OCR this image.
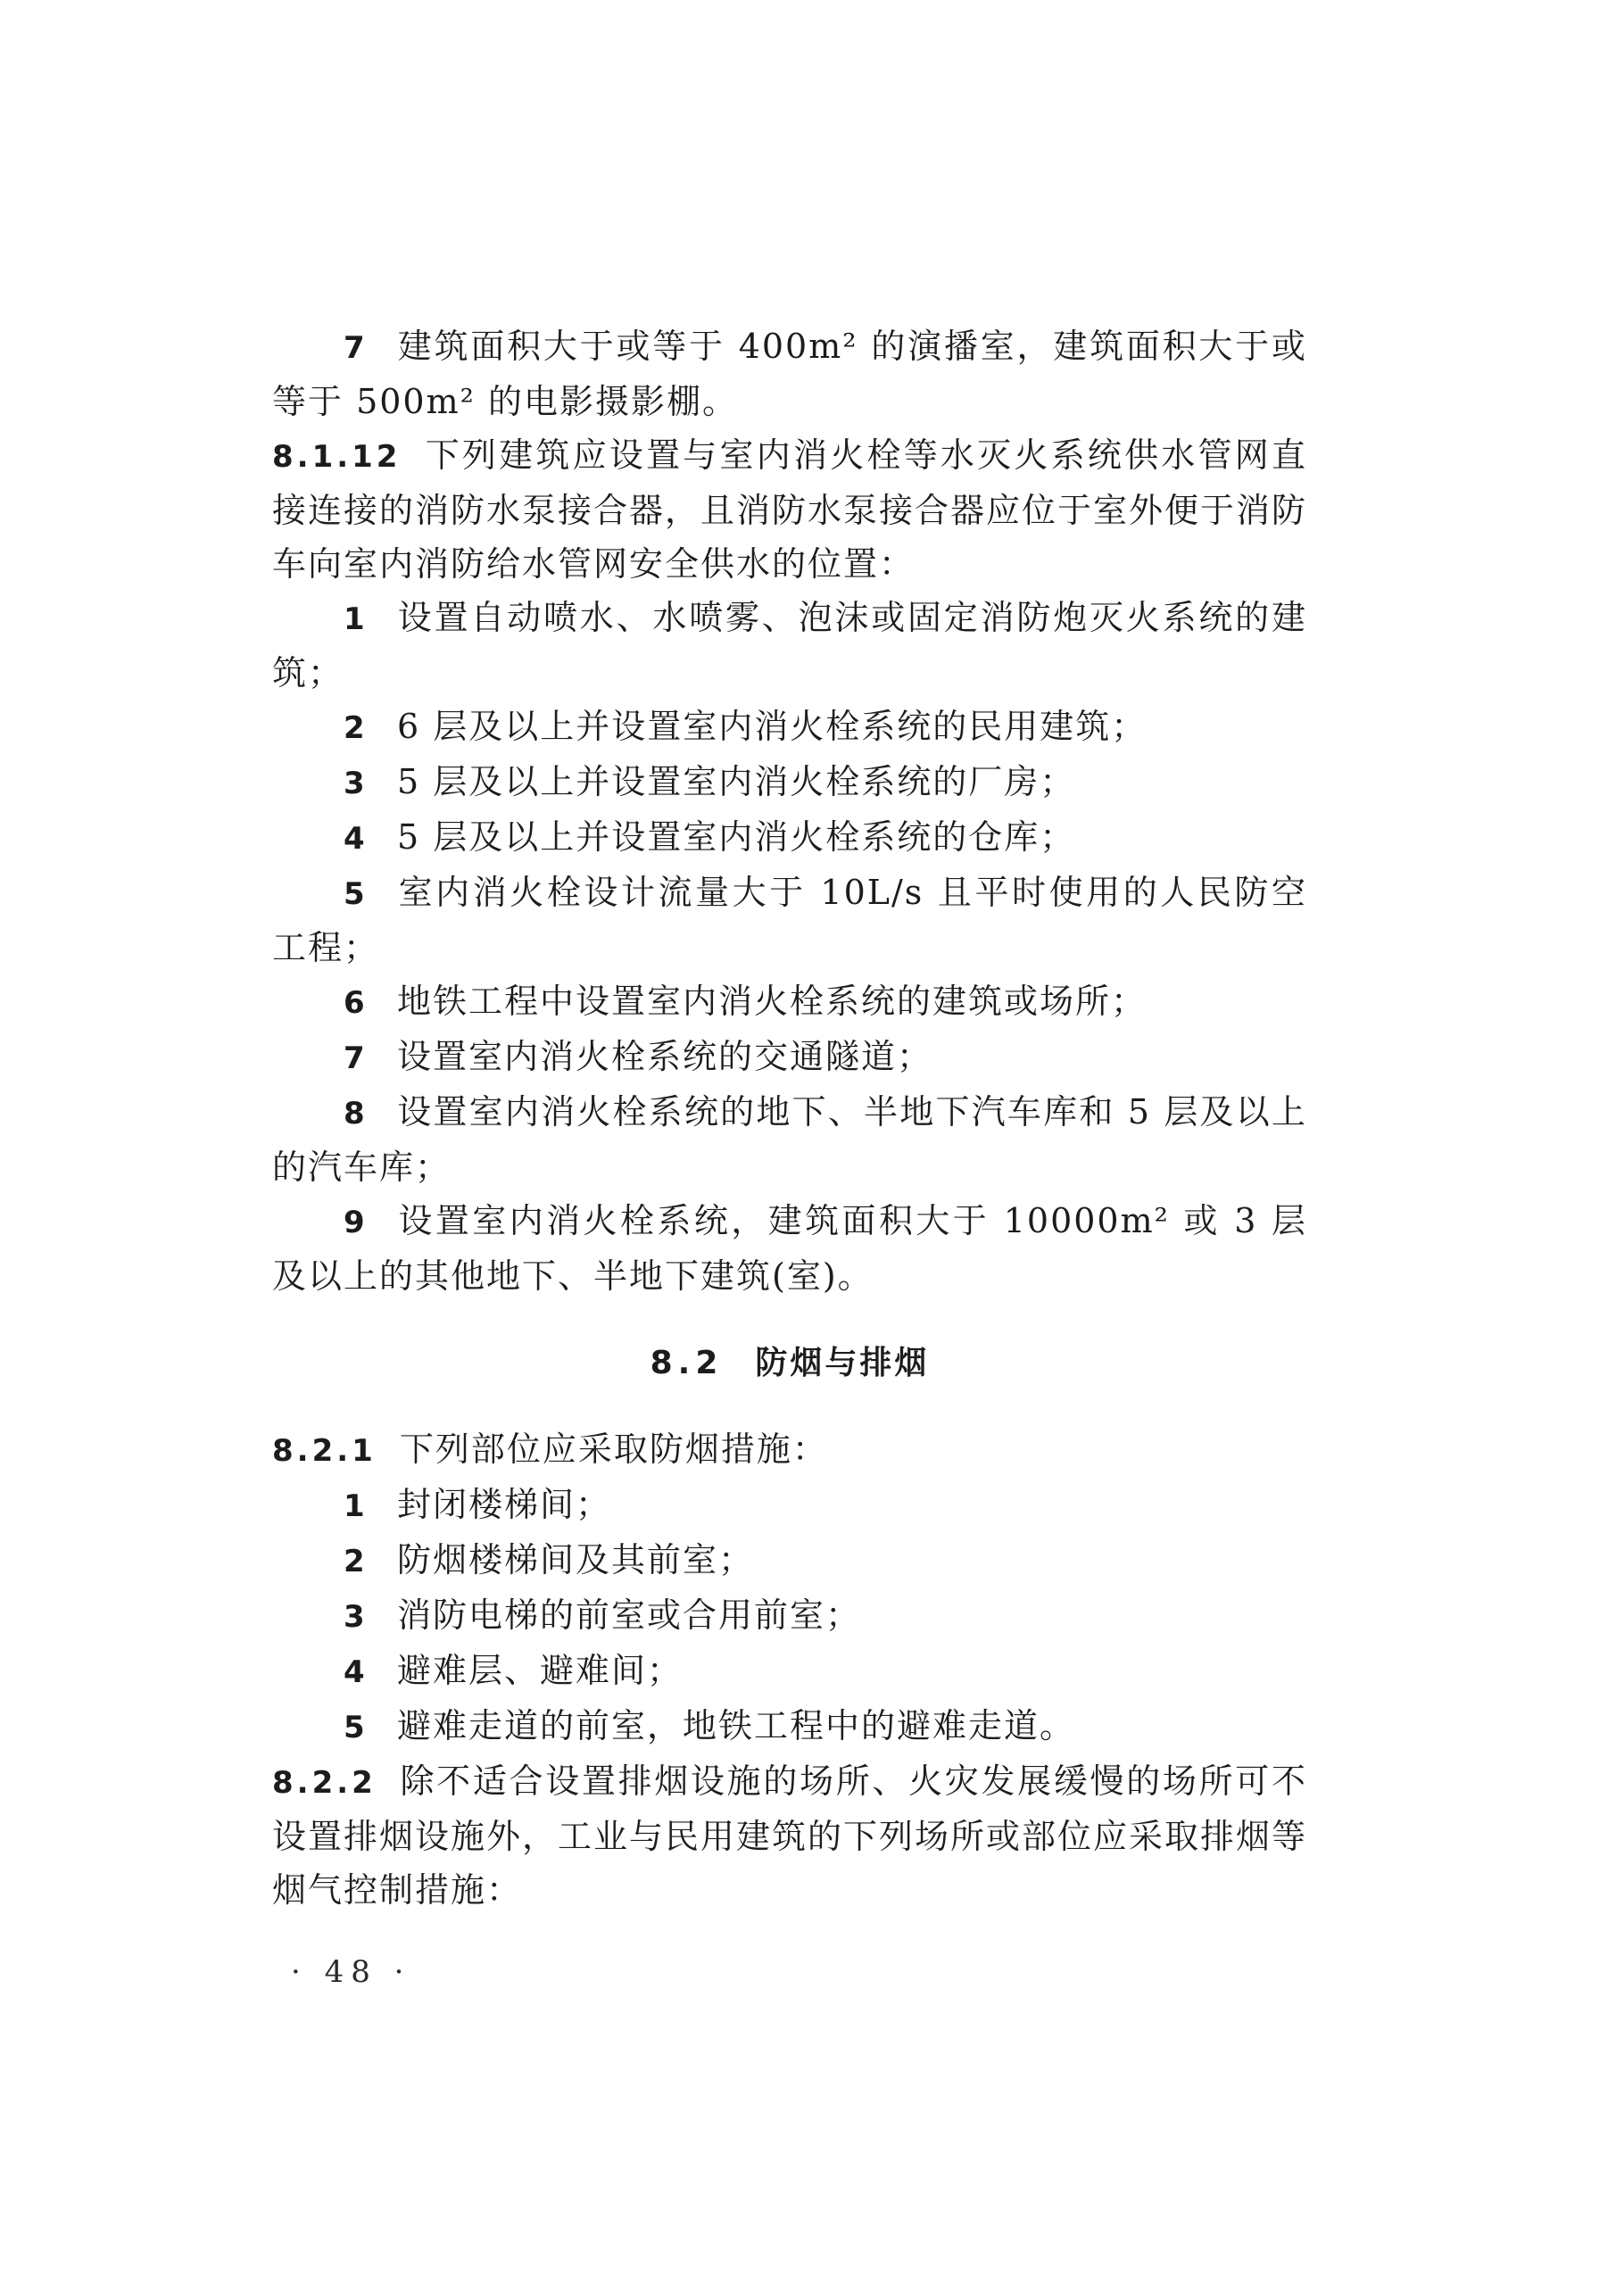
7 建筑面积大于或等于 400m² 的演播室，建筑面积大于或等于 500m² 的电影摄影棚。

8.1.12 下列建筑应设置与室内消火栓等水灭火系统供水管网直接连接的消防水泵接合器，且消防水泵接合器应位于室外便于消防车向室内消防给水管网安全供水的位置：

1 设置自动喷水、水喷雾、泡沫或固定消防炮灭火系统的建筑；

2 6 层及以上并设置室内消火栓系统的民用建筑；

3 5 层及以上并设置室内消火栓系统的厂房；

4 5 层及以上并设置室内消火栓系统的仓库；

5 室内消火栓设计流量大于 10L/s 且平时使用的人民防空工程；

6 地铁工程中设置室内消火栓系统的建筑或场所；

7 设置室内消火栓系统的交通隧道；

8 设置室内消火栓系统的地下、半地下汽车库和 5 层及以上的汽车库；

9 设置室内消火栓系统，建筑面积大于 10000m² 或 3 层及以上的其他地下、半地下建筑(室)。

8.2 防烟与排烟

8.2.1 下列部位应采取防烟措施：

1 封闭楼梯间；

2 防烟楼梯间及其前室；

3 消防电梯的前室或合用前室；

4 避难层、避难间；

5 避难走道的前室，地铁工程中的避难走道。

8.2.2 除不适合设置排烟设施的场所、火灾发展缓慢的场所可不设置排烟设施外，工业与民用建筑的下列场所或部位应采取排烟等烟气控制措施：

· 48 ·
